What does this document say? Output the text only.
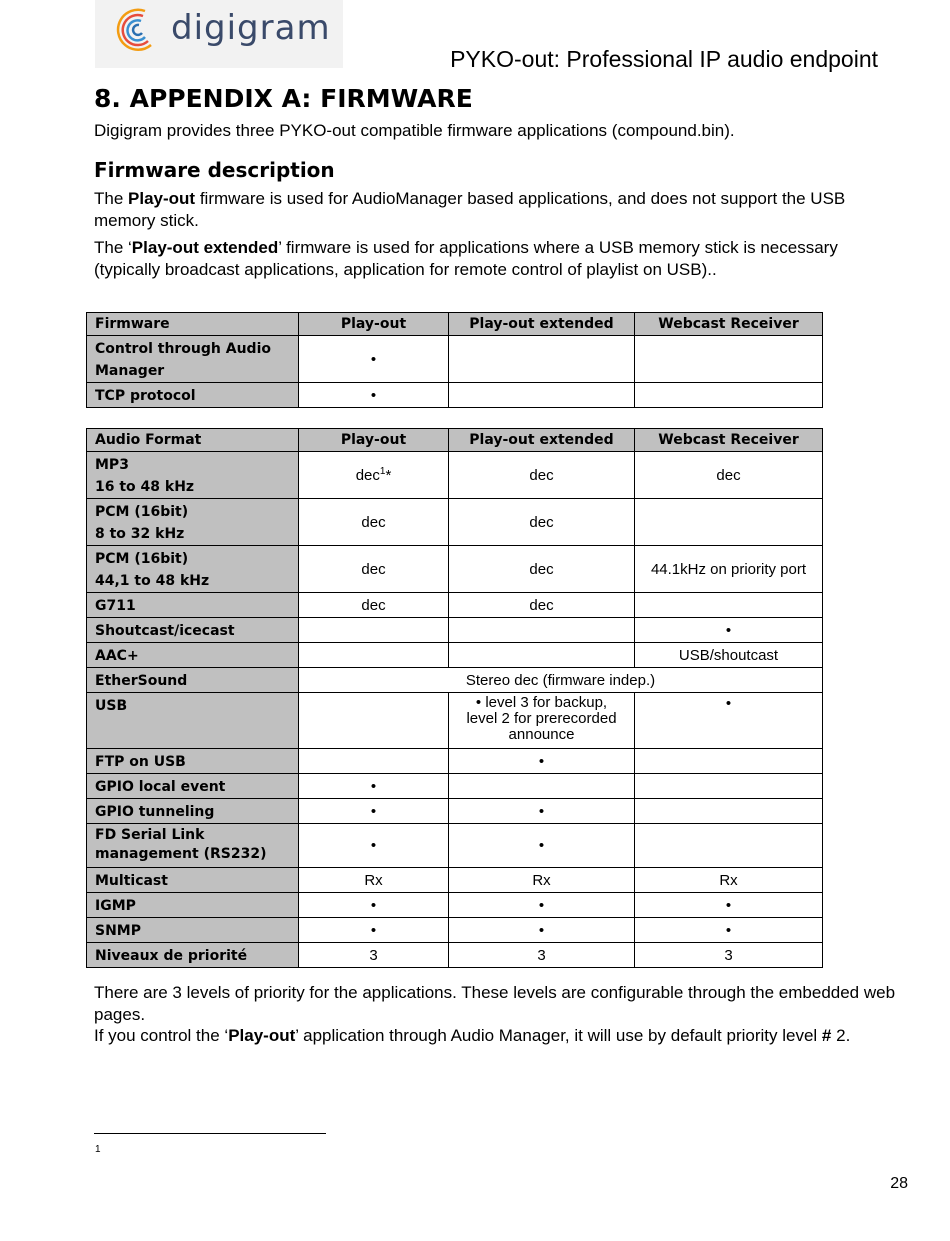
digigram
PYKO-out: Professional IP audio endpoint
8. APPENDIX A: FIRMWARE

Digigram provides three PYKO-out compatible firmware applications (compound.bin).

Firmware description

The Play-out firmware is used for AudioManager based applications, and does not support the USB memory stick.

The ‘Play-out extended’ firmware is used for applications where a USB memory stick is necessary (typically broadcast applications, application for remote control of playlist on USB)..

Firmware	Play-out	Play-out extended	Webcast Receiver
Control through Audio Manager	•		
TCP protocol	•		
Audio Format	Play-out	Play-out extended	Webcast Receiver
MP3
16 to 48 kHz	dec$^1$*	dec	dec
PCM (16bit)
8 to 32 kHz	dec	dec	
PCM (16bit)
44,1 to 48 kHz	dec	dec	44.1kHz on priority port
G711	dec	dec	
Shoutcast/icecast			•
AAC+			USB/shoutcast
EtherSound	Stereo dec (firmware indep.)		
USB		• level 3 for backup,
level 2 for prerecorded
announce	•
FTP on USB		•	
GPIO local event	•		
GPIO tunneling	•	•	
FD Serial Link
management (RS232)	•	•	
Multicast	Rx	Rx	Rx
IGMP	•	•	•
SNMP	•	•	•
Niveaux de priorité	3	3	3

There are 3 levels of priority for the applications. These levels are configurable through the embedded web pages.

If you control the ‘Play-out’ application through Audio Manager, it will use by default priority level # 2.

1
28
